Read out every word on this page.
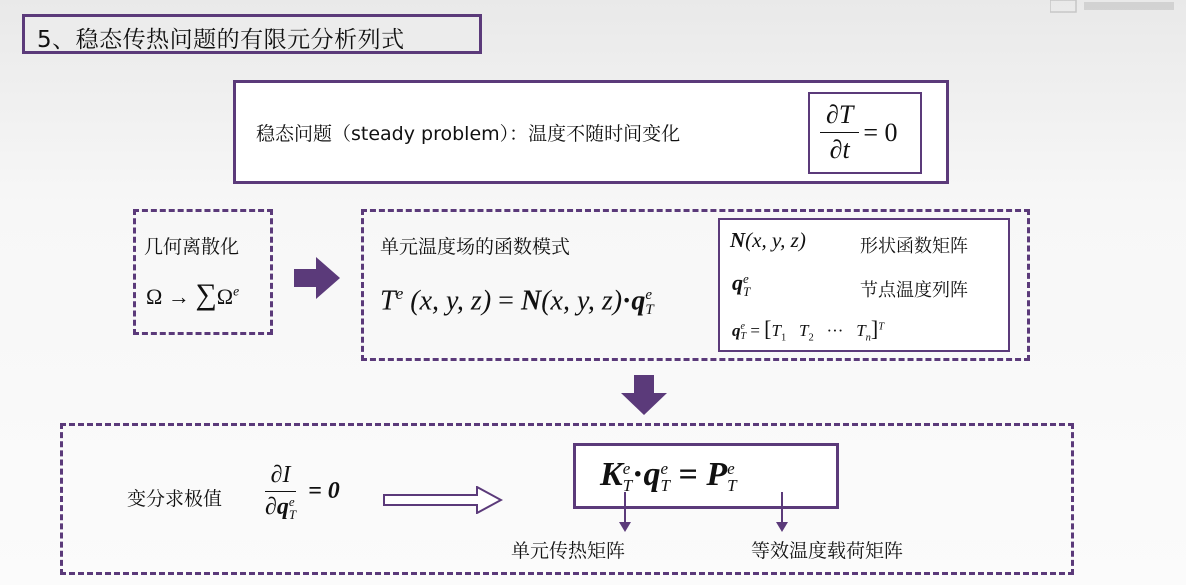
5、稳态传热问题的有限元分析列式
稳态问题（steady problem）：温度不随时间变化	$\frac{\partial T}{\partial t} = 0$
几何离散化
$\Omega \to \sum\Omega^e$
单元温度场的函数模式
$T^e$ (x, y, z) = N(x, y, z)·q e
T
N(x, y, z)	形状函数矩阵
q e
T	节点温度列阵
q e
$T = [T_1$ $T_2$ ··· $T_n]^T$
变分求极值 ∂I
∂q e
T = 0	K e
T ·q e
T = P e
T
单元传热矩阵	等效温度载荷矩阵
